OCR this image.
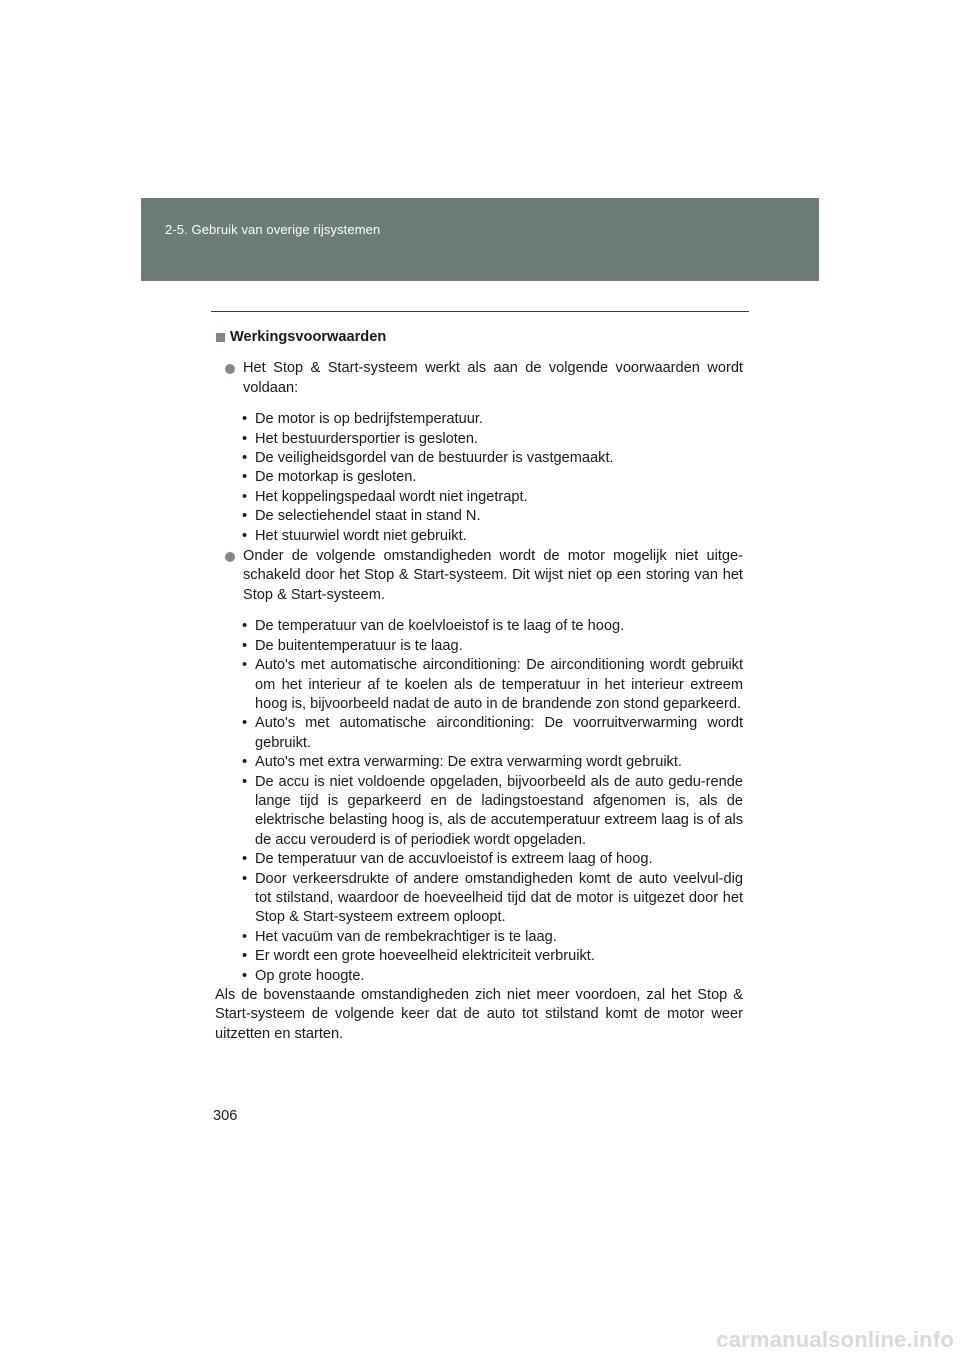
2-5. Gebruik van overige rijsystemen
Werkingsvoorwaarden
Het Stop & Start-systeem werkt als aan de volgende voorwaarden wordt voldaan:
• De motor is op bedrijfstemperatuur.
• Het bestuurdersportier is gesloten.
• De veiligheidsgordel van de bestuurder is vastgemaakt.
• De motorkap is gesloten.
• Het koppelingspedaal wordt niet ingetrapt.
• De selectiehendel staat in stand N.
• Het stuurwiel wordt niet gebruikt.
Onder de volgende omstandigheden wordt de motor mogelijk niet uitge-schakeld door het Stop & Start-systeem. Dit wijst niet op een storing van het Stop & Start-systeem.
• De temperatuur van de koelvloeistof is te laag of te hoog.
• De buitentemperatuur is te laag.
• Auto's met automatische airconditioning: De airconditioning wordt gebruikt om het interieur af te koelen als de temperatuur in het interieur extreem hoog is, bijvoorbeeld nadat de auto in de brandende zon stond geparkeerd.
• Auto's met automatische airconditioning: De voorruitverwarming wordt gebruikt.
• Auto's met extra verwarming: De extra verwarming wordt gebruikt.
• De accu is niet voldoende opgeladen, bijvoorbeeld als de auto gedu-rende lange tijd is geparkeerd en de ladingstoestand afgenomen is, als de elektrische belasting hoog is, als de accutemperatuur extreem laag is of als de accu verouderd is of periodiek wordt opgeladen.
• De temperatuur van de accuvloeistof is extreem laag of hoog.
• Door verkeersdrukte of andere omstandigheden komt de auto veelvul-dig tot stilstand, waardoor de hoeveelheid tijd dat de motor is uitgezet door het Stop & Start-systeem extreem oploopt.
• Het vacuüm van de rembekrachtiger is te laag.
• Er wordt een grote hoeveelheid elektriciteit verbruikt.
• Op grote hoogte.

Als de bovenstaande omstandigheden zich niet meer voordoen, zal het Stop & Start-systeem de volgende keer dat de auto tot stilstand komt de motor weer uitzetten en starten.

306
carmanualsonline.info
